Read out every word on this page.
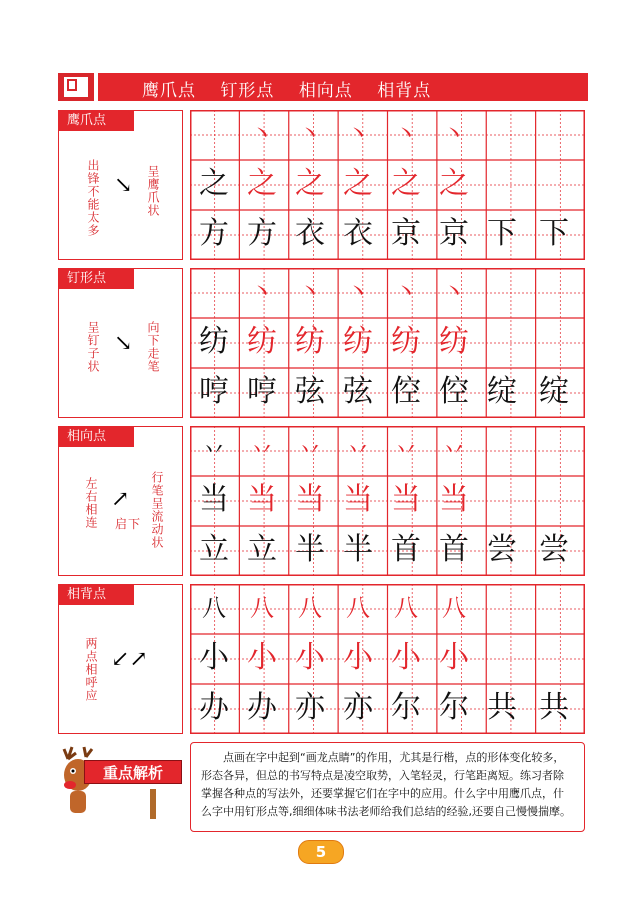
鹰爪点 钉形点 相向点 相背点
鹰爪点
出锋不能太多	呈鹰爪状
↘
丶	丶	丶	丶	丶
之 之 之 之 之 之
方 方 衣 衣 京 京 下 下
钉形点
呈钉子状	向下走笔
↘
丶	丶	丶	丶	丶
纺 纺 纺 纺 纺 纺
哼 哼 弦 弦 倥 倥 绽 绽
相向点
左右相连	行笔呈流动状
↗
启下
丷	丷	丷	丷	丷	丷
当 当 当 当 当 当
立 立 半 半 首 首 尝 尝
相背点
两点相呼应 ↙↗
八	八	八	八	八	八
小 小 小 小 小 小
办 办 亦 亦 尔 尔 共 共
重点解析
点画在字中起到“画龙点睛”的作用，尤其是行楷，点的形体变化较多，形态各异，但总的书写特点是凌空取势，入笔轻灵，行笔距离短。练习者除掌握各种点的写法外，还要掌握它们在字中的应用。什么字中用鹰爪点，什么字中用钉形点等,细细体味书法老师给我们总结的经验,还要自己慢慢揣摩。
5
